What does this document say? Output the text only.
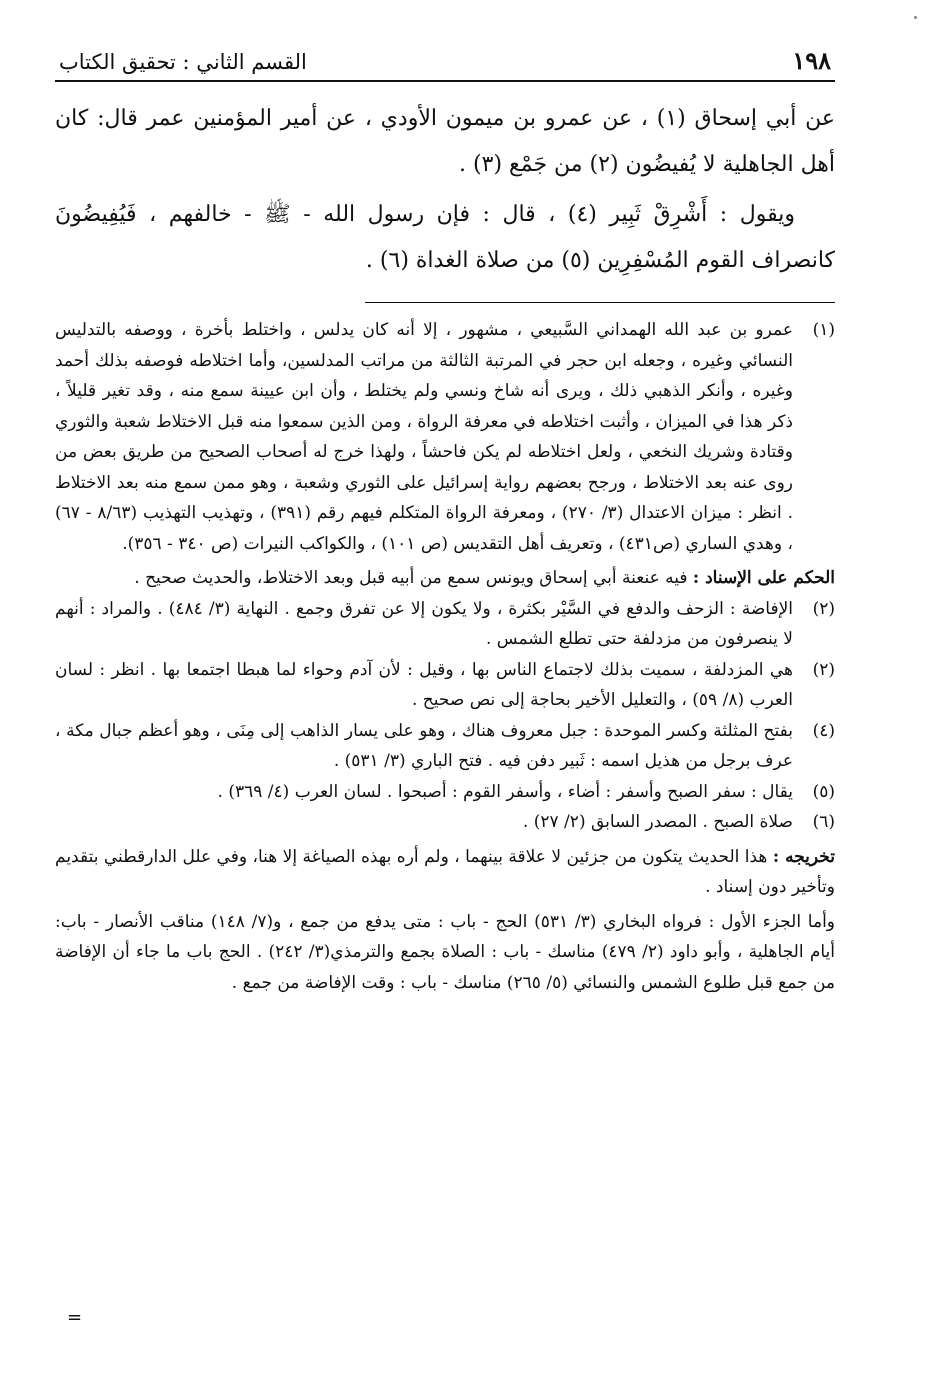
١٩٨
القسم الثاني : تحقيق الكتاب

عن أبي إسحاق (١) ، عن عمرو بن ميمون الأودي ، عن أمير المؤمنين عمر قال: كان أهل الجاهلية لا يُفيضُون (٢) من جَمْع (٣) .

ويقول : أَشْرِقْ ثَبِير (٤) ، قال : فإن رسول الله - ﷺ - خالفهم ، فَيُفِيضُونَ كانصراف القوم المُسْفِرِين (٥) من صلاة الغداة (٦) .

(١)
عمرو بن عبد الله الهمداني السَّبيعي ، مشهور ، إلا أنه كان يدلس ، واختلط بأخرة ، ووصفه بالتدليس النسائي وغيره ، وجعله ابن حجر في المرتبة الثالثة من مراتب المدلسين، وأما اختلاطه فوصفه بذلك أحمد وغيره ، وأنكر الذهبي ذلك ، ويرى أنه شاخ ونسي ولم يختلط ، وأن ابن عيينة سمع منه ، وقد تغير قليلاً ، ذكر هذا في الميزان ، وأثبت اختلاطه في معرفة الرواة ، ومن الذين سمعوا منه قبل الاختلاط شعبة والثوري وقتادة وشريك النخعي ، ولعل اختلاطه لم يكن فاحشاً ، ولهذا خرج له أصحاب الصحيح من طريق بعض من روى عنه بعد الاختلاط ، ورجح بعضهم رواية إسرائيل على الثوري وشعبة ، وهو ممن سمع منه بعد الاختلاط . انظر : ميزان الاعتدال (٣/ ٢٧٠) ، ومعرفة الرواة المتكلم فيهم رقم (٣٩١) ، وتهذيب التهذيب (٨/٦٣ - ٦٧) ، وهدي الساري (ص٤٣١) ، وتعريف أهل التقديس (ص ١٠١) ، والكواكب النيرات (ص ٣٤٠ - ٣٥٦).

الحكم على الإسناد : فيه عنعنة أبي إسحاق ويونس سمع من أبيه قبل وبعد الاختلاط، والحديث صحيح .

(٢)
الإفاضة : الزحف والدفع في السَّيْر بكثرة ، ولا يكون إلا عن تفرق وجمع . النهاية (٣/ ٤٨٤) . والمراد : أنهم لا ينصرفون من مزدلفة حتى تطلع الشمس .
(٢)
هي المزدلفة ، سميت بذلك لاجتماع الناس بها ، وقيل : لأن آدم وحواء لما هبطا اجتمعا بها . انظر : لسان العرب (٨/ ٥٩) ، والتعليل الأخير بحاجة إلى نص صحيح .
(٤)
بفتح المثلثة وكسر الموحدة : جبل معروف هناك ، وهو على يسار الذاهب إلى مِنَى ، وهو أعظم جبال مكة ، عرف برجل من هذيل اسمه : ثَبير دفن فيه . فتح الباري (٣/ ٥٣١) .
(٥)
يقال : سفر الصبح وأسفر : أضاء ، وأسفر القوم : أصبحوا . لسان العرب (٤/ ٣٦٩) .
(٦)
صلاة الصبح . المصدر السابق (٢/ ٢٧) .

تخريجه : هذا الحديث يتكون من جزئين لا علاقة بينهما ، ولم أره بهذه الصياغة إلا هنا، وفي علل الدارقطني بتقديم وتأخير دون إسناد .

وأما الجزء الأول : فرواه البخاري (٣/ ٥٣١) الحج - باب : متى يدفع من جمع ، و(٧/ ١٤٨) مناقب الأنصار - باب: أيام الجاهلية ، وأبو داود (٢/ ٤٧٩) مناسك - باب : الصلاة بجمع والترمذي(٣/ ٢٤٢) . الحج باب ما جاء أن الإفاضة من جمع قبل طلوع الشمس والنسائي (٥/ ٢٦٥) مناسك - باب : وقت الإفاضة من جمع .

=
